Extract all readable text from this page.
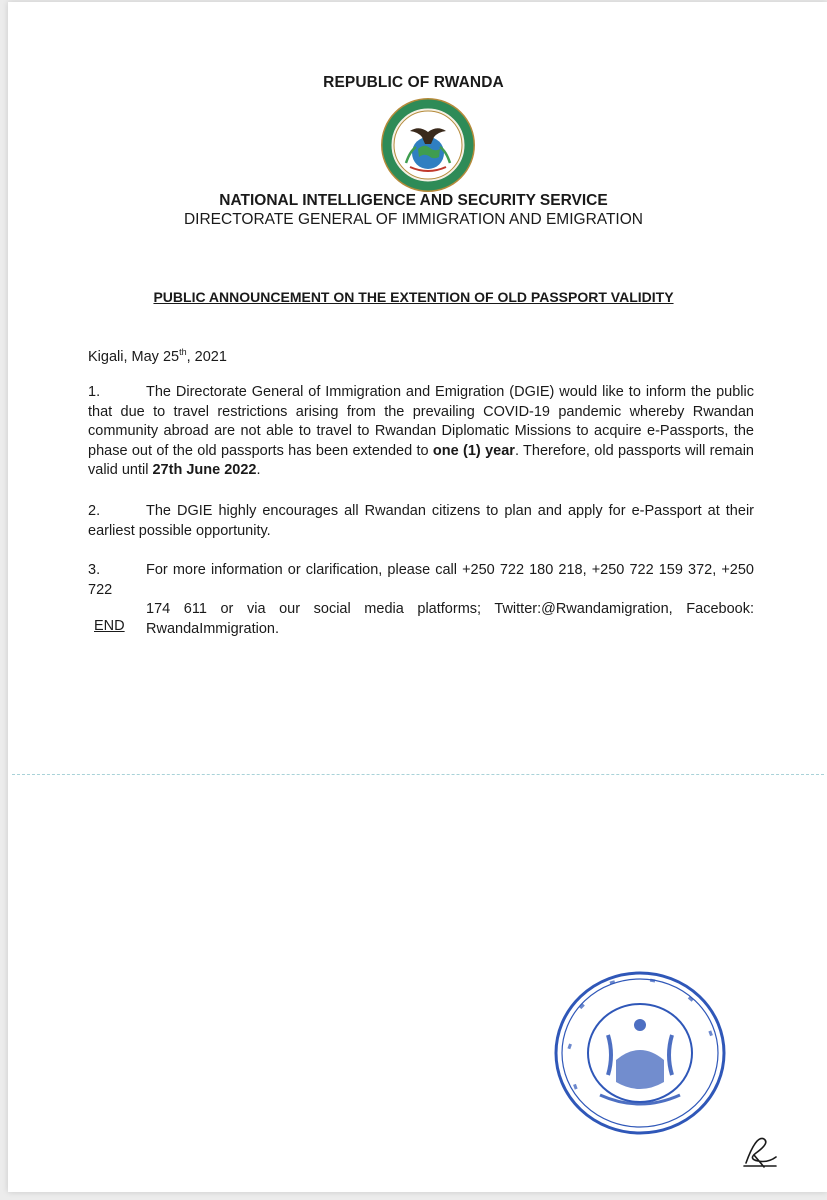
REPUBLIC OF RWANDA
NATIONAL INTELLIGENCE AND SECURITY SERVICE
DIRECTORATE GENERAL OF IMMIGRATION AND EMIGRATION
PUBLIC ANNOUNCEMENT ON THE EXTENTION OF OLD PASSPORT VALIDITY
Kigali, May 25th, 2021
1.	The Directorate General of Immigration and Emigration (DGIE) would like to inform the public that due to travel restrictions arising from the prevailing COVID-19 pandemic whereby Rwandan community abroad are not able to travel to Rwandan Diplomatic Missions to acquire e-Passports, the phase out of the old passports has been extended to one (1) year. Therefore, old passports will remain valid until 27th June 2022.
2.	The DGIE highly encourages all Rwandan citizens to plan and apply for e-Passport at their earliest possible opportunity.
3.	For more information or clarification, please call +250 722 180 218, +250 722 159 372, +250 722
174 611 or via our social media platforms; Twitter:@Rwandamigration, Facebook: RwandaImmigration.
END
